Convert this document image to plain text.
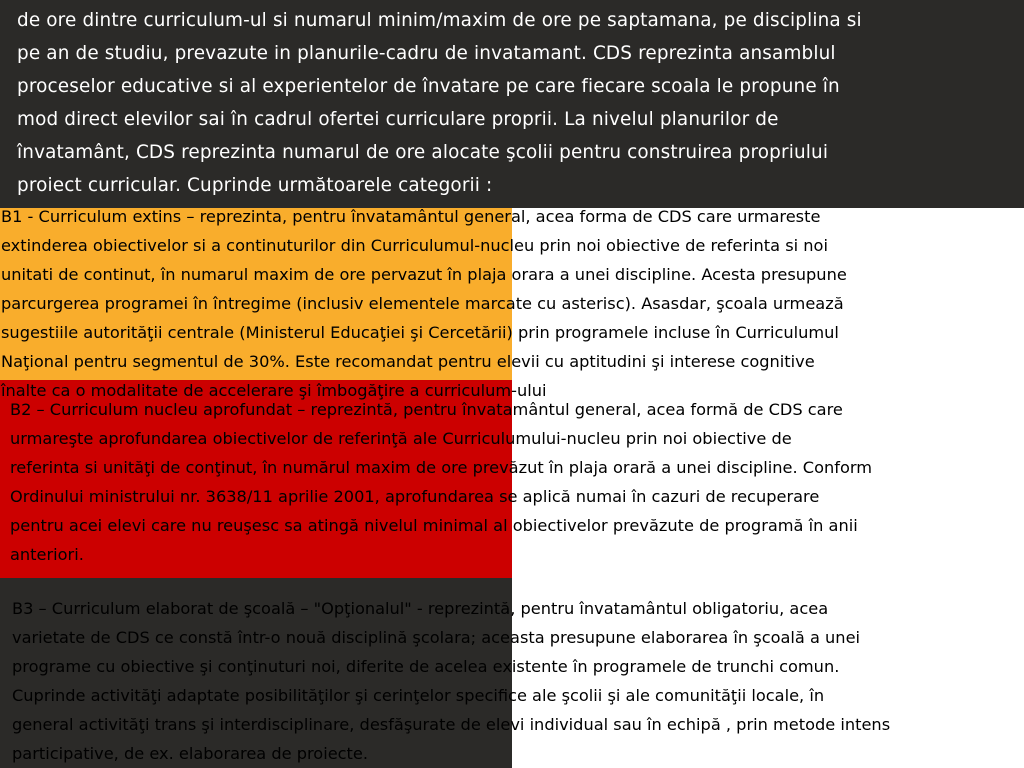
de ore dintre curriculum-ul si numarul minim/maxim de ore pe saptamana, pe disciplina si
pe an de studiu, prevazute in planurile-cadru de invatamant. CDS reprezinta ansamblul
proceselor educative si al experientelor de învatare pe care fiecare scoala le propune în
mod direct elevilor sai în cadrul ofertei curriculare proprii. La nivelul planurilor de
învatamânt, CDS reprezinta numarul de ore alocate şcolii pentru construirea propriului
proiect curricular. Cuprinde următoarele categorii :

B1 - Curriculum extins – reprezinta, pentru învatamântul general, acea forma de CDS care urmareste
extinderea obiectivelor si a continuturilor din Curriculumul-nucleu prin noi obiective de referinta si noi
unitati de continut, în numarul maxim de ore pervazut în plaja orara a unei discipline. Acesta presupune
parcurgerea programei în întregime (inclusiv elementele marcate cu asterisc). Asasdar, şcoala urmează
sugestiile autorităţii centrale (Ministerul Educaţiei şi Cercetării) prin programele incluse în Curriculumul
Naţional pentru segmentul de 30%. Este recomandat pentru elevii cu aptitudini şi interese cognitive
înalte ca o modalitate de accelerare şi îmbogăţire a curriculum-ului

B2 – Curriculum nucleu aprofundat – reprezintă, pentru învatamântul general, acea formă de CDS care
urmareşte aprofundarea obiectivelor de referinţă ale Curriculumului-nucleu prin noi obiective de
referinta si unităţi de conţinut, în numărul maxim de ore prevăzut în plaja orară a unei discipline. Conform
Ordinului ministrului nr. 3638/11 aprilie 2001, aprofundarea se aplică numai în cazuri de recuperare
pentru acei elevi care nu reuşesc sa atingă nivelul minimal al obiectivelor prevăzute de programă în anii
anteriori.

B3 – Curriculum elaborat de şcoală – "Opţionalul" - reprezintă, pentru învatamântul obligatoriu, acea
varietate de CDS ce constă într-o nouă disciplină şcolara; aceasta presupune elaborarea în şcoală a unei
programe cu obiective şi conţinuturi noi, diferite de acelea existente în programele de trunchi comun.
Cuprinde activităţi adaptate posibilităţilor şi cerinţelor specifice ale şcolii şi ale comunităţii locale, în
general activităţi trans şi interdisciplinare, desfăşurate de elevi individual sau în echipă , prin metode intens
participative, de ex. elaborarea de proiecte.
